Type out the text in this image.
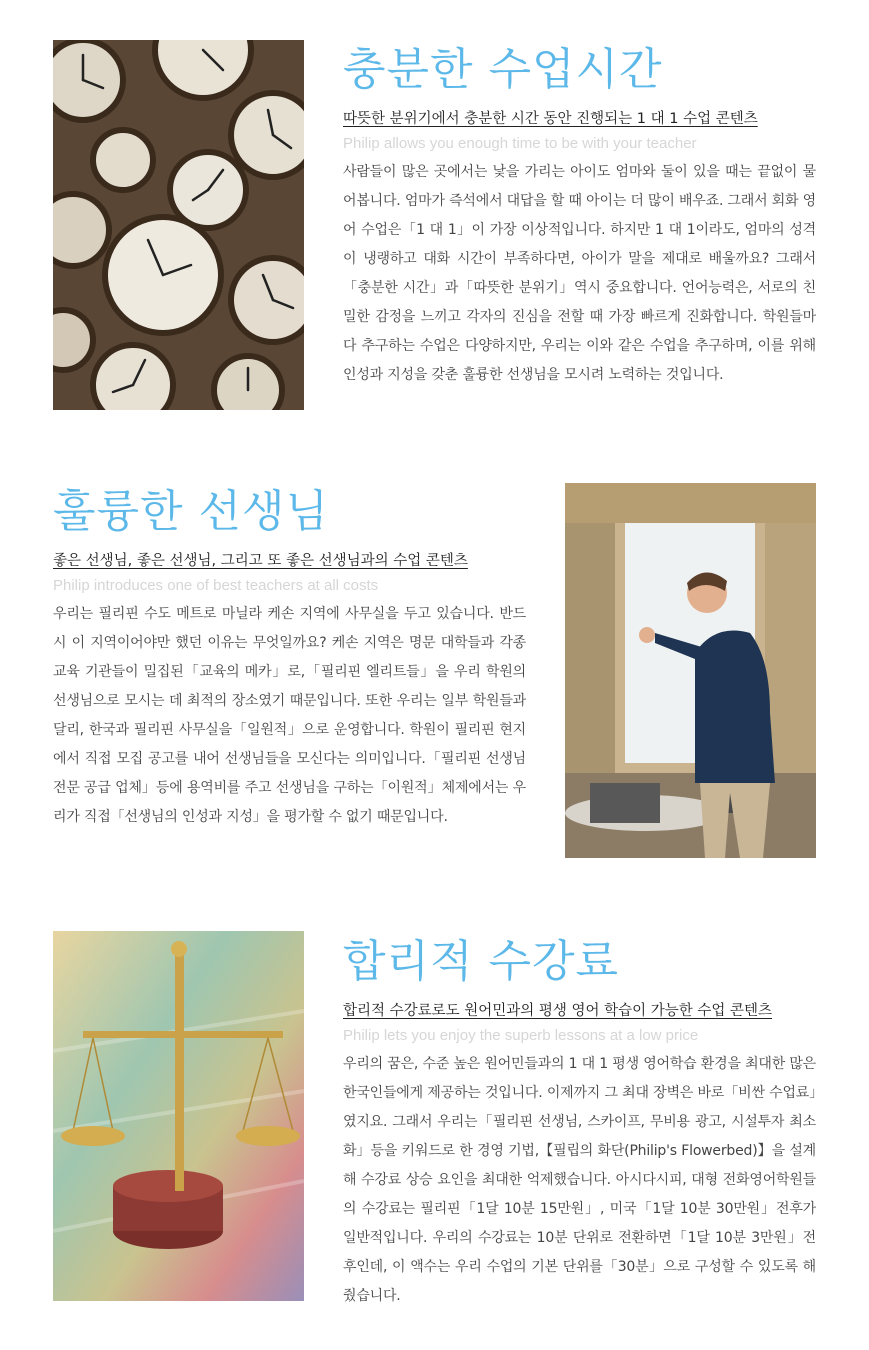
충분한 수업시간

따뜻한 분위기에서 충분한 시간 동안 진행되는 1 대 1 수업 콘텐츠

Philip allows you enough time to be with your teacher

사람들이 많은 곳에서는 낯을 가리는 아이도 엄마와 둘이 있을 때는 끝없이 물어봅니다. 엄마가 즉석에서 대답을 할 때 아이는 더 많이 배우죠. 그래서 회화 영어 수업은「1 대 1」이 가장 이상적입니다. 하지만 1 대 1이라도, 엄마의 성격이 냉랭하고 대화 시간이 부족하다면, 아이가 말을 제대로 배울까요? 그래서「충분한 시간」과「따뜻한 분위기」역시 중요합니다. 언어능력은, 서로의 친밀한 감정을 느끼고 각자의 진심을 전할 때 가장 빠르게 진화합니다. 학원들마다 추구하는 수업은 다양하지만, 우리는 이와 같은 수업을 추구하며, 이를 위해 인성과 지성을 갖춘 훌륭한 선생님을 모시려 노력하는 것입니다.

훌륭한 선생님

좋은 선생님, 좋은 선생님, 그리고 또 좋은 선생님과의 수업 콘텐츠

Philip introduces one of best teachers at all costs

우리는 필리핀 수도 메트로 마닐라 케손 지역에 사무실을 두고 있습니다. 반드시 이 지역이어야만 했던 이유는 무엇일까요? 케손 지역은 명문 대학들과 각종 교육 기관들이 밀집된「교육의 메카」로,「필리핀 엘리트들」을 우리 학원의 선생님으로 모시는 데 최적의 장소였기 때문입니다. 또한 우리는 일부 학원들과 달리, 한국과 필리핀 사무실을「일원적」으로 운영합니다. 학원이 필리핀 현지에서 직접 모집 공고를 내어 선생님들을 모신다는 의미입니다.「필리핀 선생님 전문 공급 업체」등에 용역비를 주고 선생님을 구하는「이원적」체제에서는 우리가 직접「선생님의 인성과 지성」을 평가할 수 없기 때문입니다.

합리적 수강료

합리적 수강료로도 원어민과의 평생 영어 학습이 가능한 수업 콘텐츠

Philip lets you enjoy the superb lessons at a low price

우리의 꿈은, 수준 높은 원어민들과의 1 대 1 평생 영어학습 환경을 최대한 많은 한국인들에게 제공하는 것입니다. 이제까지 그 최대 장벽은 바로「비싼 수업료」였지요. 그래서 우리는「필리핀 선생님, 스카이프, 무비용 광고, 시설투자 최소화」등을 키워드로 한 경영 기법,【필립의 화단(Philip's Flowerbed)】을 설계해 수강료 상승 요인을 최대한 억제했습니다. 아시다시피, 대형 전화영어학원들의 수강료는 필리핀「1달 10분 15만원」, 미국「1달 10분 30만원」전후가 일반적입니다. 우리의 수강료는 10분 단위로 전환하면「1달 10분 3만원」전후인데, 이 액수는 우리 수업의 기본 단위를「30분」으로 구성할 수 있도록 해줬습니다.
